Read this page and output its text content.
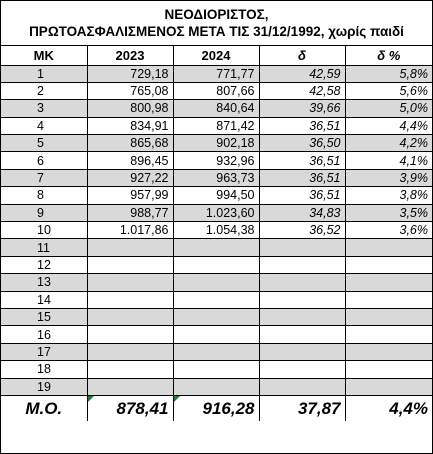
ΝΕΟΔΙΟΡΙΣΤΟΣ,
ΠΡΩΤΟΑΣΦΑΛΙΣΜΕΝΟΣ ΜΕΤΑ ΤΙΣ 31/12/1992, χωρίς παιδί
ΜΚ	2023	2024	δ	δ %
1	729,18	771,77	42,59	5,8%
2	765,08	807,66	42,58	5,6%
3	800,98	840,64	39,66	5,0%
4	834,91	871,42	36,51	4,4%
5	865,68	902,18	36,50	4,2%
6	896,45	932,96	36,51	4,1%
7	927,22	963,73	36,51	3,9%
8	957,99	994,50	36,51	3,8%
9	988,77	1.023,60	34,83	3,5%
10	1.017,86	1.054,38	36,52	3,6%
11				
12				
13				
14				
15				
16				
17				
18				
19				
Μ.Ο.	878,41	916,28	37,87	4,4%
